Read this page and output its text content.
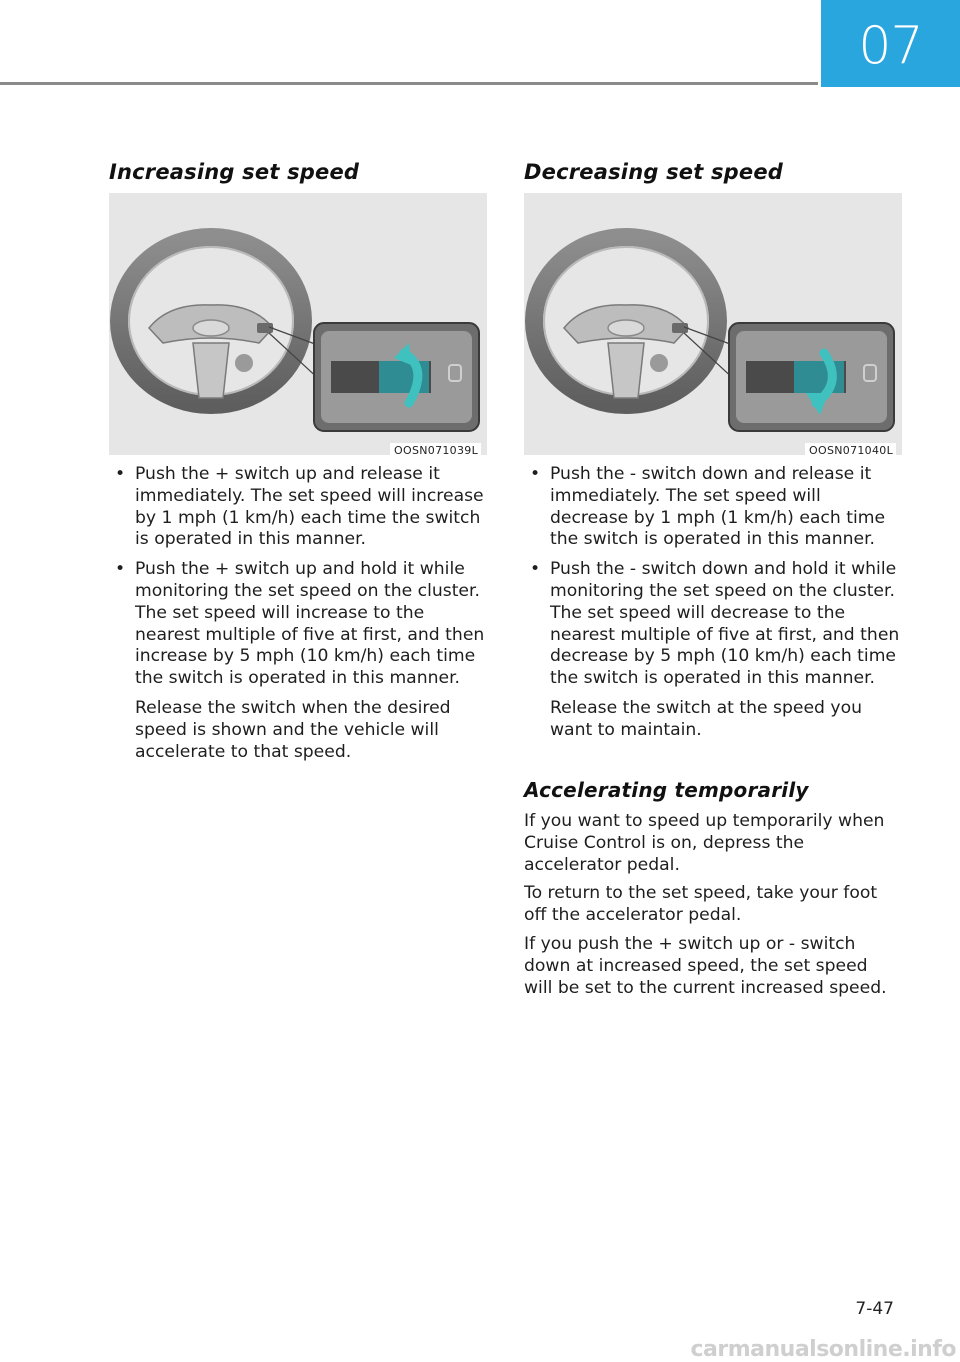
07
Increasing set speed
OOSN071039L
• Push the + switch up and release it immediately. The set speed will increase by 1 mph (1 km/h) each time the switch is operated in this manner.
• Push the + switch up and hold it while monitoring the set speed on the cluster. The set speed will increase to the nearest multiple of five at first, and then increase by 5 mph (10 km/h) each time the switch is operated in this manner.
Release the switch when the desired speed is shown and the vehicle will accelerate to that speed.
Decreasing set speed
OOSN071040L
• Push the - switch down and release it immediately. The set speed will decrease by 1 mph (1 km/h) each time the switch is operated in this manner.
• Push the - switch down and hold it while monitoring the set speed on the cluster. The set speed will decrease to the nearest multiple of five at first, and then decrease by 5 mph (10 km/h) each time the switch is operated in this manner.
Release the switch at the speed you want to maintain.
Accelerating temporarily

If you want to speed up temporarily when Cruise Control is on, depress the accelerator pedal.

To return to the set speed, take your foot off the accelerator pedal.

If you push the + switch up or - switch down at increased speed, the set speed will be set to the current increased speed.

7-47
carmanualsonline.info
